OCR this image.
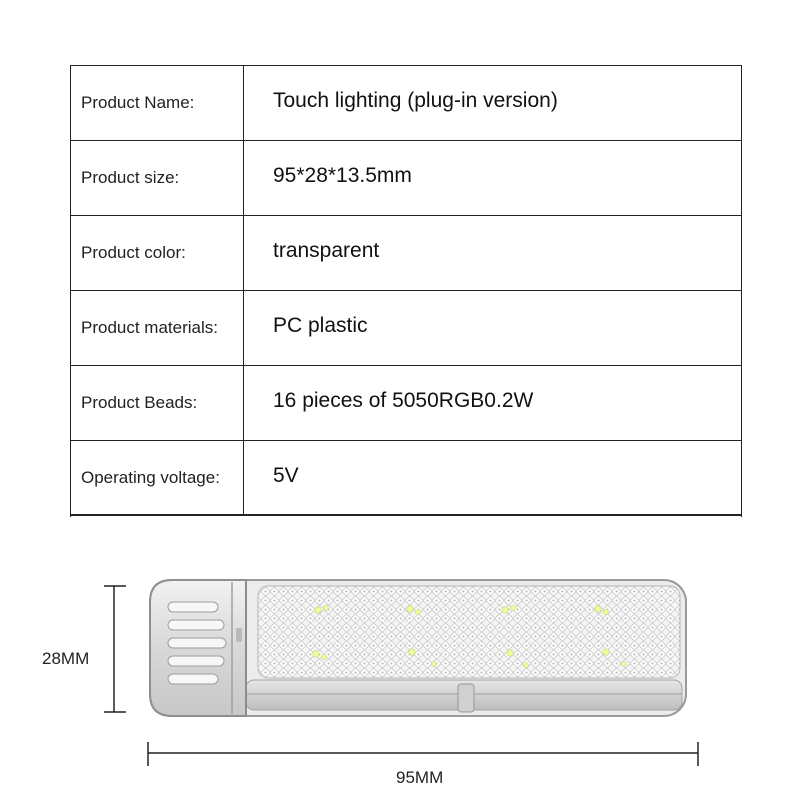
Product Name:	Touch lighting (plug-in version)
Product size:	95*28*13.5mm
Product color:	transparent
Product materials:	PC plastic
Product Beads:	16 pieces of 5050RGB0.2W
Operating voltage:	5V
28MM
95MM
